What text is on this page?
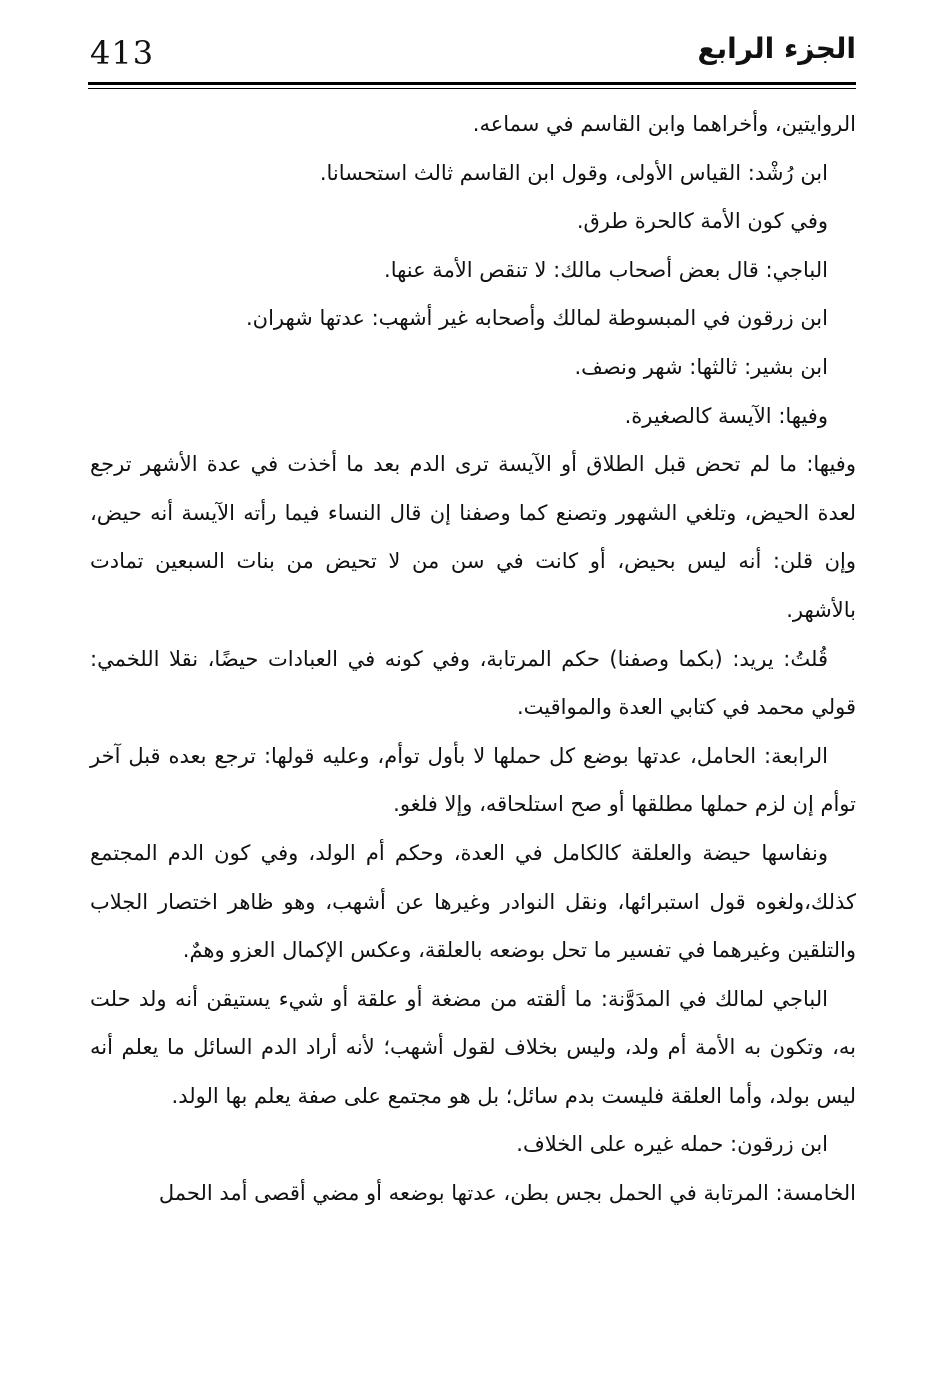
413	الجزء الرابع

الروايتين، وأخراهما وابن القاسم في سماعه.

ابن رُشْد: القياس الأولى، وقول ابن القاسم ثالث استحسانا.

وفي كون الأمة كالحرة طرق.

الباجي: قال بعض أصحاب مالك: لا تنقص الأمة عنها.

ابن زرقون في المبسوطة لمالك وأصحابه غير أشهب: عدتها شهران.

ابن بشير: ثالثها: شهر ونصف.

وفيها: الآيسة كالصغيرة.

وفيها: ما لم تحض قبل الطلاق أو الآيسة ترى الدم بعد ما أخذت في عدة الأشهر ترجع لعدة الحيض، وتلغي الشهور وتصنع كما وصفنا إن قال النساء فيما رأته الآيسة أنه حيض، وإن قلن: أنه ليس بحيض، أو كانت في سن من لا تحيض من بنات السبعين تمادت بالأشهر.

قُلتُ: يريد: (بكما وصفنا) حكم المرتابة، وفي كونه في العبادات حيضًا، نقلا اللخمي: قولي محمد في كتابي العدة والمواقيت.

الرابعة: الحامل، عدتها بوضع كل حملها لا بأول توأم، وعليه قولها: ترجع بعده قبل آخر توأم إن لزم حملها مطلقها أو صح استلحاقه، وإلا فلغو.

ونفاسها حيضة والعلقة كالكامل في العدة، وحكم أم الولد، وفي كون الدم المجتمع كذلك،ولغوه قول استبرائها، ونقل النوادر وغيرها عن أشهب، وهو ظاهر اختصار الجلاب والتلقين وغيرهما في تفسير ما تحل بوضعه بالعلقة، وعكس الإكمال العزو وهمٌ.

الباجي لمالك في المدَوَّنة: ما ألقته من مضغة أو علقة أو شيء يستيقن أنه ولد حلت به، وتكون به الأمة أم ولد، وليس بخلاف لقول أشهب؛ لأنه أراد الدم السائل ما يعلم أنه ليس بولد، وأما العلقة فليست بدم سائل؛ بل هو مجتمع على صفة يعلم بها الولد.

ابن زرقون: حمله غيره على الخلاف.

الخامسة: المرتابة في الحمل بجس بطن، عدتها بوضعه أو مضي أقصى أمد الحمل
